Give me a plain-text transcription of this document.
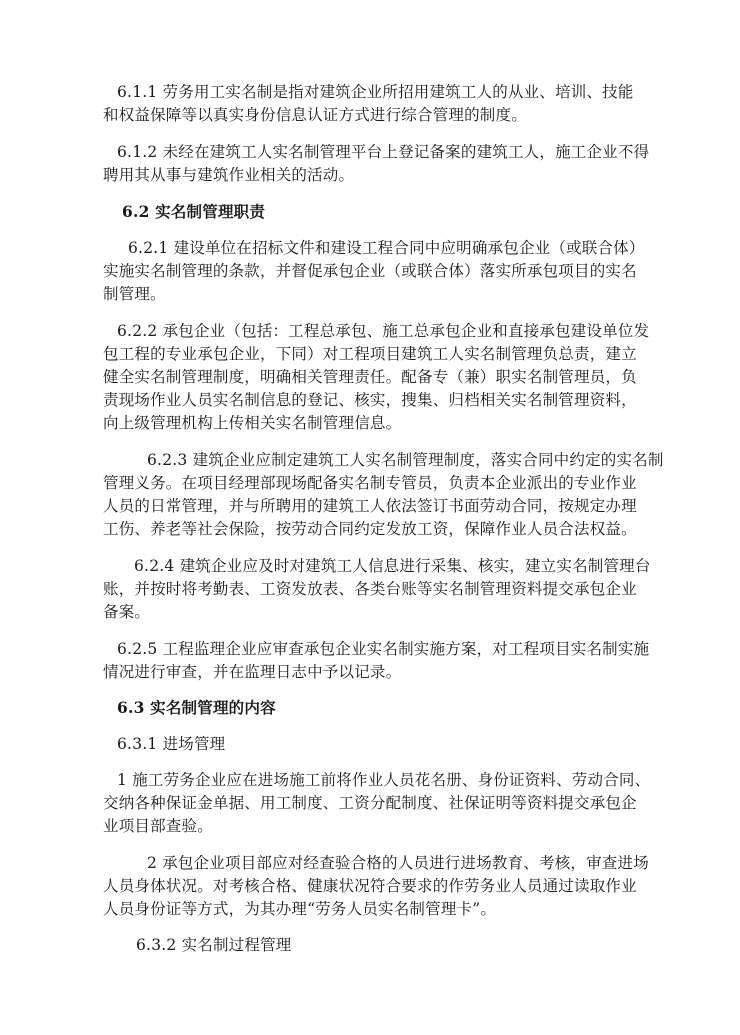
6.1.1 劳务用工实名制是指对建筑企业所招用建筑工人的从业、培训、技能
和权益保障等以真实身份信息认证方式进行综合管理的制度。
6.1.2 未经在建筑工人实名制管理平台上登记备案的建筑工人，施工企业不得
聘用其从事与建筑作业相关的活动。
6.2 实名制管理职责
6.2.1 建设单位在招标文件和建设工程合同中应明确承包企业（或联合体）
实施实名制管理的条款，并督促承包企业（或联合体）落实所承包项目的实名
制管理。
6.2.2 承包企业（包括：工程总承包、施工总承包企业和直接承包建设单位发
包工程的专业承包企业，下同）对工程项目建筑工人实名制管理负总责，建立
健全实名制管理制度，明确相关管理责任。配备专（兼）职实名制管理员，负
责现场作业人员实名制信息的登记、核实，搜集、归档相关实名制管理资料，
向上级管理机构上传相关实名制管理信息。
6.2.3 建筑企业应制定建筑工人实名制管理制度，落实合同中约定的实名制
管理义务。在项目经理部现场配备实名制专管员，负责本企业派出的专业作业
人员的日常管理，并与所聘用的建筑工人依法签订书面劳动合同，按规定办理
工伤、养老等社会保险，按劳动合同约定发放工资，保障作业人员合法权益。
6.2.4 建筑企业应及时对建筑工人信息进行采集、核实，建立实名制管理台
账，并按时将考勤表、工资发放表、各类台账等实名制管理资料提交承包企业
备案。
6.2.5 工程监理企业应审查承包企业实名制实施方案，对工程项目实名制实施
情况进行审查，并在监理日志中予以记录。
6.3 实名制管理的内容
6.3.1 进场管理
1 施工劳务企业应在进场施工前将作业人员花名册、身份证资料、劳动合同、
交纳各种保证金单据、用工制度、工资分配制度、社保证明等资料提交承包企
业项目部查验。
2 承包企业项目部应对经查验合格的人员进行进场教育、考核，审查进场
人员身体状况。对考核合格、健康状况符合要求的作劳务业人员通过读取作业
人员身份证等方式，为其办理“劳务人员实名制管理卡”。
6.3.2 实名制过程管理
